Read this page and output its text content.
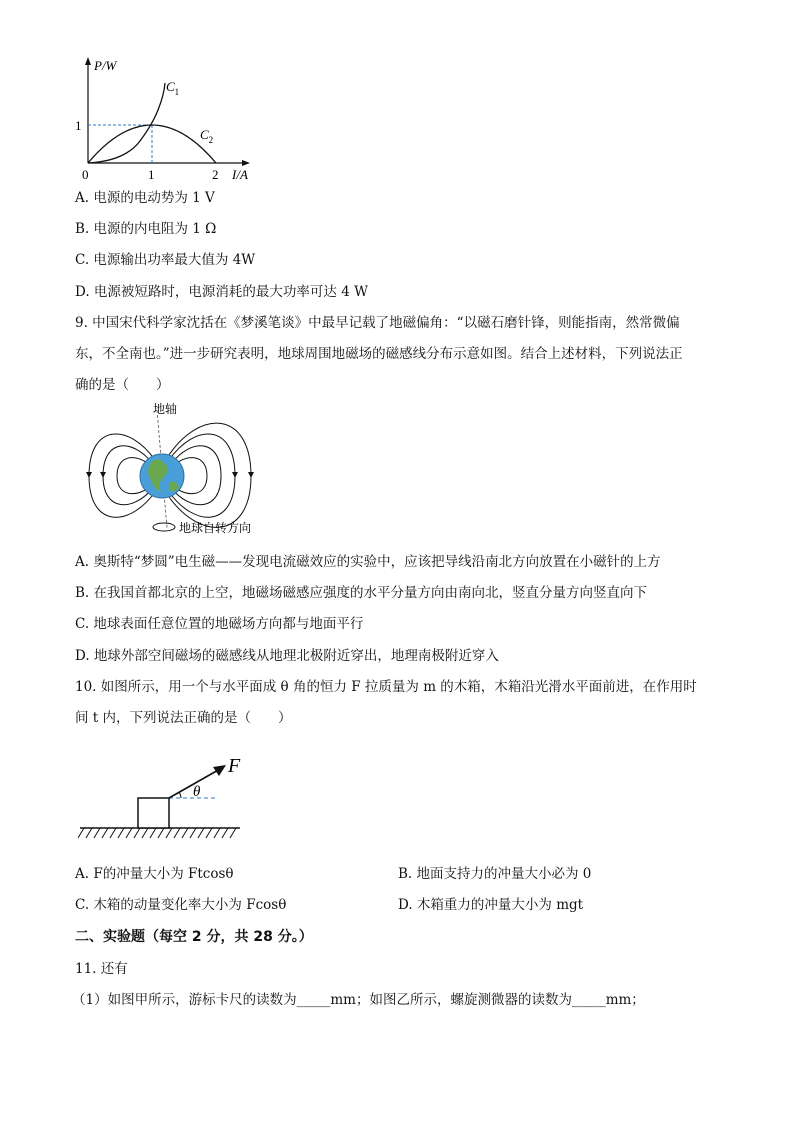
P/W
I/A
0	1	2
1
$C_1$
$C_2$
A. 电源的电动势为 1 V
B. 电源的内电阻为 1 Ω
C. 电源输出功率最大值为 4W
D. 电源被短路时，电源消耗的最大功率可达 4 W
9. 中国宋代科学家沈括在《梦溪笔谈》中最早记载了地磁偏角：“以磁石磨针锋，则能指南，然常微偏
东，不全南也。”进一步研究表明，地球周围地磁场的磁感线分布示意如图。结合上述材料，下列说法正
确的是（　　）
地轴
地球自转方向
A. 奥斯特“梦圆”电生磁——发现电流磁效应的实验中，应该把导线沿南北方向放置在小磁针的上方
B. 在我国首都北京的上空，地磁场磁感应强度的水平分量方向由南向北，竖直分量方向竖直向下
C. 地球表面任意位置的地磁场方向都与地面平行
D. 地球外部空间磁场的磁感线从地理北极附近穿出，地理南极附近穿入
10. 如图所示，用一个与水平面成 θ 角的恒力 F 拉质量为 m 的木箱，木箱沿光滑水平面前进，在作用时
间 t 内，下列说法正确的是（　　）
F
θ
A. F的冲量大小为 Ftcosθ	B. 地面支持力的冲量大小必为 0
C. 木箱的动量变化率大小为 Fcosθ	D. 木箱重力的冲量大小为 mgt
二、实验题（每空 2 分，共 28 分。）
11. 还有
（1）如图甲所示，游标卡尺的读数为_____mm；如图乙所示，螺旋测微器的读数为_____mm；
